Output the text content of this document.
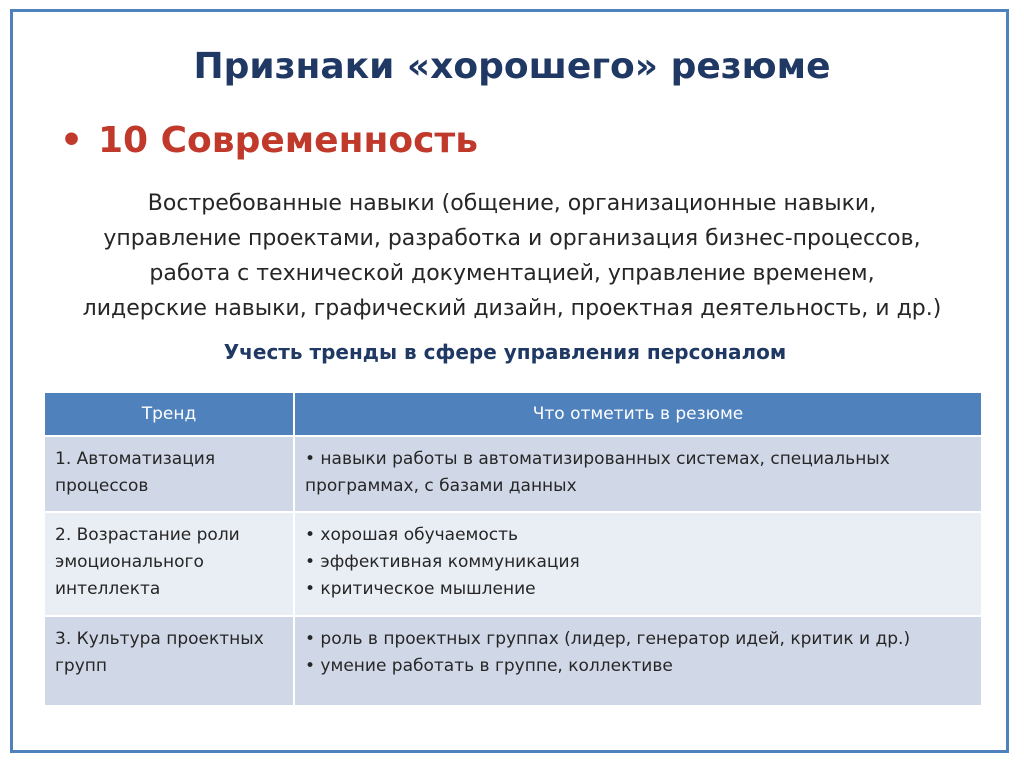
Признаки «хорошего» резюме
• 10 Современность
Востребованные навыки (общение, организационные навыки,
управление проектами, разработка и организация бизнес-процессов,
работа с технической документацией, управление временем,
лидерские навыки, графический дизайн, проектная деятельность, и др.)
Учесть тренды в сфере управления персоналом
Тренд	Что отметить в резюме
1. Автоматизация процессов	• навыки работы в автоматизированных системах, специальных программах, с базами данных

2. Возрастание роли эмоционального интеллекта	• хорошая обучаемость
• эффективная коммуникация
• критическое мышление

3. Культура проектных групп	• роль в проектных группах (лидер, генератор идей, критик и др.)
• умение работать в группе, коллективе
